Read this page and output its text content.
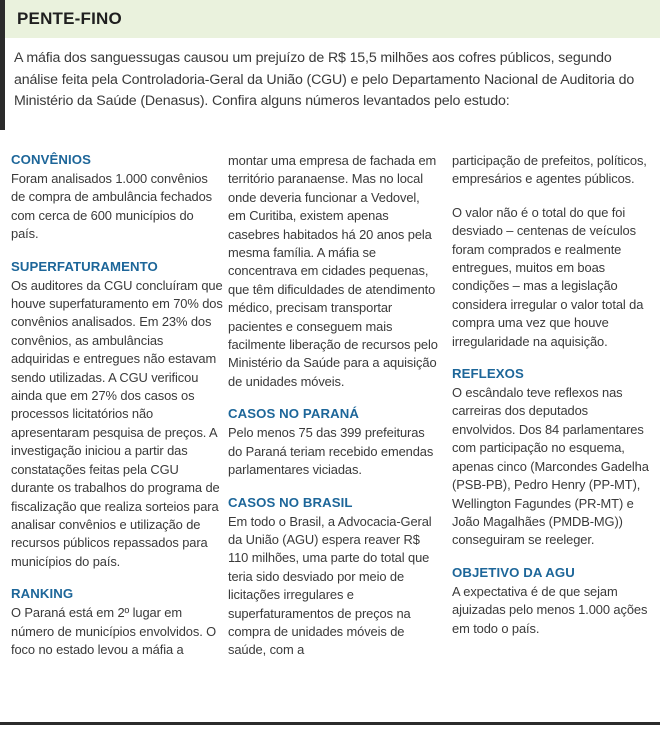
PENTE-FINO
A máfia dos sanguessugas causou um prejuízo de R$ 15,5 milhões aos cofres públicos, segundo análise feita pela Controladoria-Geral da União (CGU) e pelo Departamento Nacional de Auditoria do Ministério da Saúde (Denasus). Confira alguns números levantados pelo estudo:
CONVÊNIOS
Foram analisados 1.000 convênios de compra de ambulância fechados com cerca de 600 municípios do país.
SUPERFATURAMENTO
Os auditores da CGU concluíram que houve superfaturamento em 70% dos convênios analisados. Em 23% dos convênios, as ambulâncias adquiridas e entregues não estavam sendo utilizadas. A CGU verificou ainda que em 27% dos casos os processos licitatórios não apresentaram pesquisa de preços. A investigação iniciou a partir das constatações feitas pela CGU durante os trabalhos do programa de fiscalização que realiza sorteios para analisar convênios e utilização de recursos públicos repassados para municípios do país.
RANKING
O Paraná está em 2º lugar em número de municípios envolvidos. O foco no estado levou a máfia a
montar uma empresa de fachada em território paranaense. Mas no local onde deveria funcionar a Vedovel, em Curitiba, existem apenas casebres habitados há 20 anos pela mesma família. A máfia se concentrava em cidades pequenas, que têm dificuldades de atendimento médico, precisam transportar pacientes e conseguem mais facilmente liberação de recursos pelo Ministério da Saúde para a aquisição de unidades móveis.
CASOS NO PARANÁ
Pelo menos 75 das 399 prefeituras do Paraná teriam recebido emendas parlamentares viciadas.
CASOS NO BRASIL
Em todo o Brasil, a Advocacia-Geral da União (AGU) espera reaver R$ 110 milhões, uma parte do total que teria sido desviado por meio de licitações irregulares e superfaturamentos de preços na compra de unidades móveis de saúde, com a
participação de prefeitos, políticos, empresários e agentes públicos.
O valor não é o total do que foi desviado – centenas de veículos foram comprados e realmente entregues, muitos em boas condições – mas a legislação considera irregular o valor total da compra uma vez que houve irregularidade na aquisição.
REFLEXOS
O escândalo teve reflexos nas carreiras dos deputados envolvidos. Dos 84 parlamentares com participação no esquema, apenas cinco (Marcondes Gadelha (PSB-PB), Pedro Henry (PP-MT), Wellington Fagundes (PR-MT) e João Magalhães (PMDB-MG)) conseguiram se reeleger.
OBJETIVO DA AGU
A expectativa é de que sejam ajuizadas pelo menos 1.000 ações em todo o país.
